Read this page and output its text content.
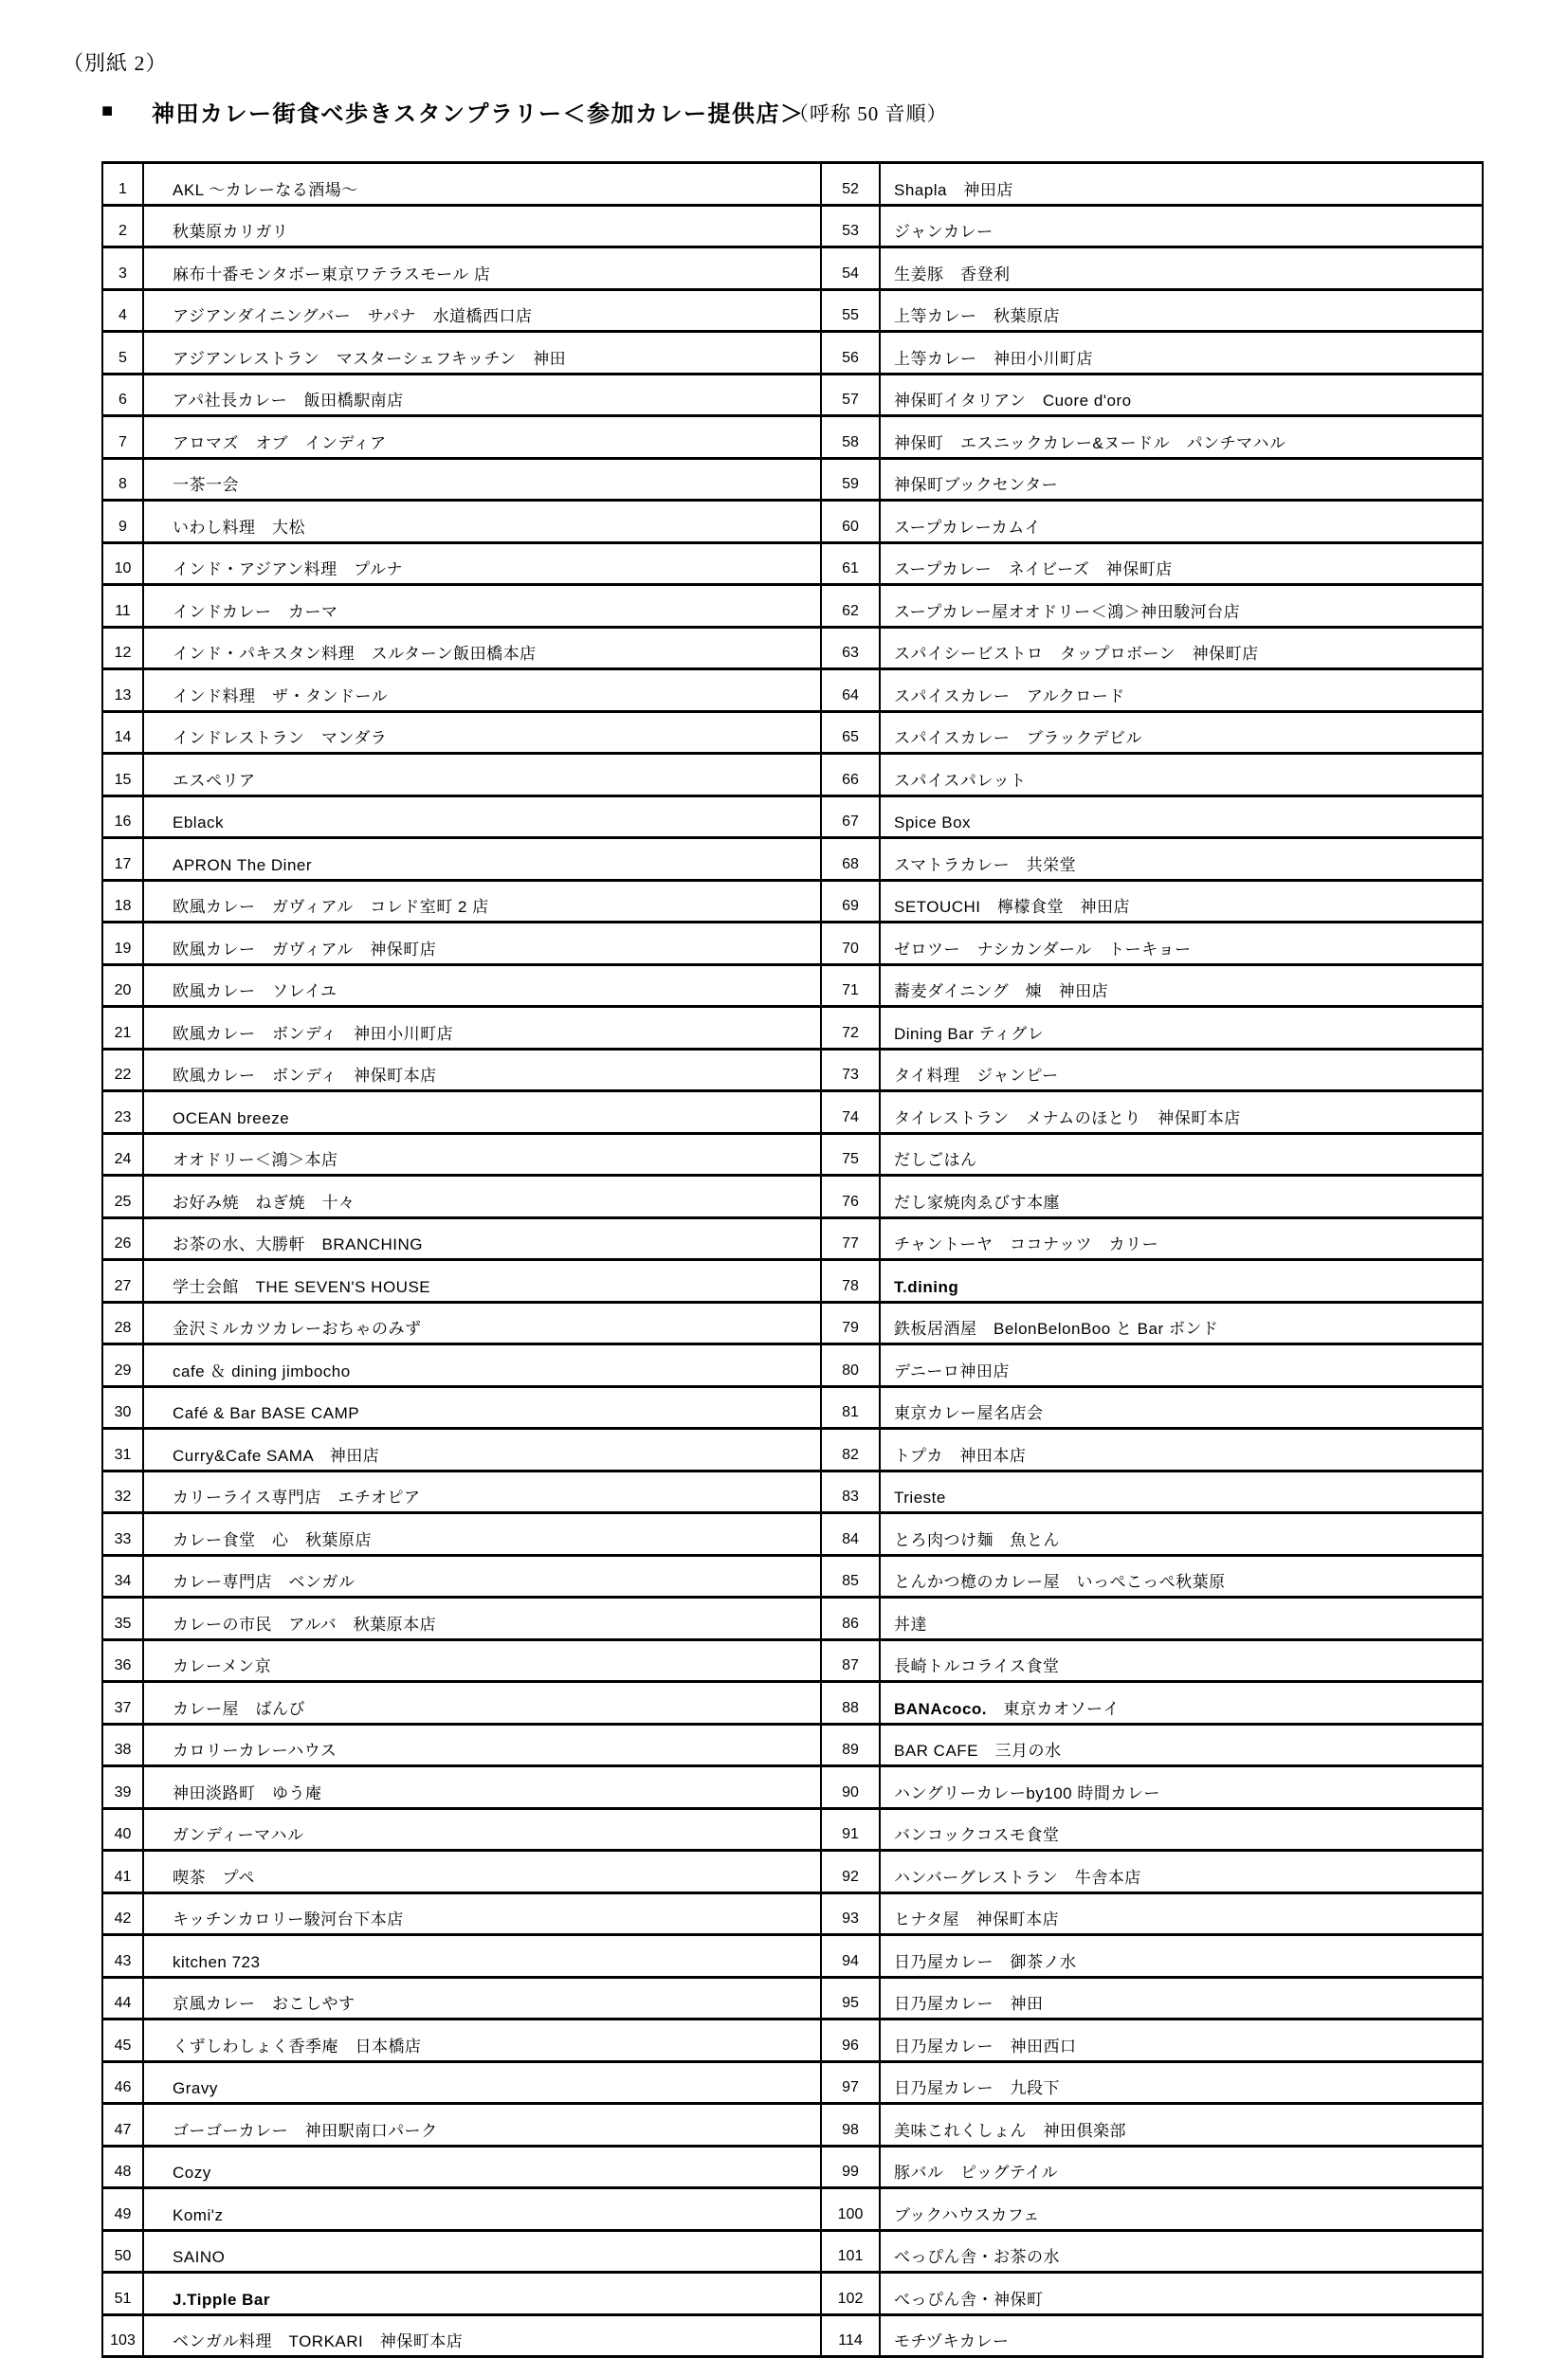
（別紙 2）
■ 神田カレー街食べ歩きスタンプラリー＜参加カレー提供店＞
（呼称 50 音順）
1	AKL ～カレーなる酒場～	52	Shapla　神田店
2	秋葉原カリガリ	53	ジャンカレー
3	麻布十番モンタボー東京ワテラスモール 店	54	生姜豚　香登利
4	アジアンダイニングバー　サパナ　水道橋西口店	55	上等カレー　秋葉原店
5	アジアンレストラン　マスターシェフキッチン　神田	56	上等カレー　神田小川町店
6	アパ社長カレー　飯田橋駅南店	57	神保町イタリアン　Cuore d'oro
7	アロマズ　オブ　インディア	58	神保町　エスニックカレー&ヌードル　パンチマハル
8	一茶一会	59	神保町ブックセンター
9	いわし料理　大松	60	スープカレーカムイ
10	インド・アジアン料理　プルナ	61	スープカレー　ネイビーズ　神保町店
11	インドカレー　カーマ	62	スープカレー屋オオドリー＜鴻＞神田駿河台店
12	インド・パキスタン料理　スルターン飯田橋本店	63	スパイシービストロ　タップロボーン　神保町店
13	インド料理　ザ・タンドール	64	スパイスカレー　アルクロード
14	インドレストラン　マンダラ	65	スパイスカレー　ブラックデビル
15	エスペリア	66	スパイスパレット
16	Eblack	67	Spice Box
17	APRON The Diner	68	スマトラカレー　共栄堂
18	欧風カレー　ガヴィアル　コレド室町 2 店	69	SETOUCHI　檸檬食堂　神田店
19	欧風カレー　ガヴィアル　神保町店	70	ゼロツー　ナシカンダール　トーキョー
20	欧風カレー　ソレイユ	71	蕎麦ダイニング　煉　神田店
21	欧風カレー　ボンディ　神田小川町店	72	Dining Bar ティグレ
22	欧風カレー　ボンディ　神保町本店	73	タイ料理　ジャンピー
23	OCEAN breeze	74	タイレストラン　メナムのほとり　神保町本店
24	オオドリー＜鴻＞本店	75	だしごはん
25	お好み焼　ねぎ焼　十々	76	だし家焼肉ゑびす本廛
26	お茶の水、大勝軒　BRANCHING	77	チャントーヤ　ココナッツ　カリー
27	学士会館　THE SEVEN'S HOUSE	78	T.dining
28	金沢ミルカツカレーおちゃのみず	79	鉄板居酒屋　BelonBelonBoo と Bar ボンド
29	cafe ＆ dining jimbocho	80	デニーロ神田店
30	Café & Bar BASE CAMP	81	東京カレー屋名店会
31	Curry&Cafe SAMA　神田店	82	トプカ　神田本店
32	カリーライス専門店　エチオピア	83	Trieste
33	カレー食堂　心　秋葉原店	84	とろ肉つけ麺　魚とん
34	カレー専門店　ベンガル	85	とんかつ檍のカレー屋　いっぺこっぺ秋葉原
35	カレーの市民　アルバ　秋葉原本店	86	丼達
36	カレーメン京	87	長崎トルコライス食堂
37	カレー屋　ばんび	88	BANAcoco.　東京カオソーイ
38	カロリーカレーハウス	89	BAR CAFE　三月の水
39	神田淡路町　ゆう庵	90	ハングリーカレーby100 時間カレー
40	ガンディーマハル	91	バンコックコスモ食堂
41	喫茶　プペ	92	ハンバーグレストラン　牛舎本店
42	キッチンカロリー駿河台下本店	93	ヒナタ屋　神保町本店
43	kitchen 723	94	日乃屋カレー　御茶ノ水
44	京風カレー　おこしやす	95	日乃屋カレー　神田
45	くずしわしょく香季庵　日本橋店	96	日乃屋カレー　神田西口
46	Gravy	97	日乃屋カレー　九段下
47	ゴーゴーカレー　神田駅南口パーク	98	美味これくしょん　神田倶楽部
48	Cozy	99	豚バル　ピッグテイル
49	Komi'z	100	ブックハウスカフェ
50	SAINO	101	べっぴん舎・お茶の水
51	J.Tipple Bar	102	べっぴん舎・神保町
103	ベンガル料理　TORKARI　神保町本店	114	モチヅキカレー
